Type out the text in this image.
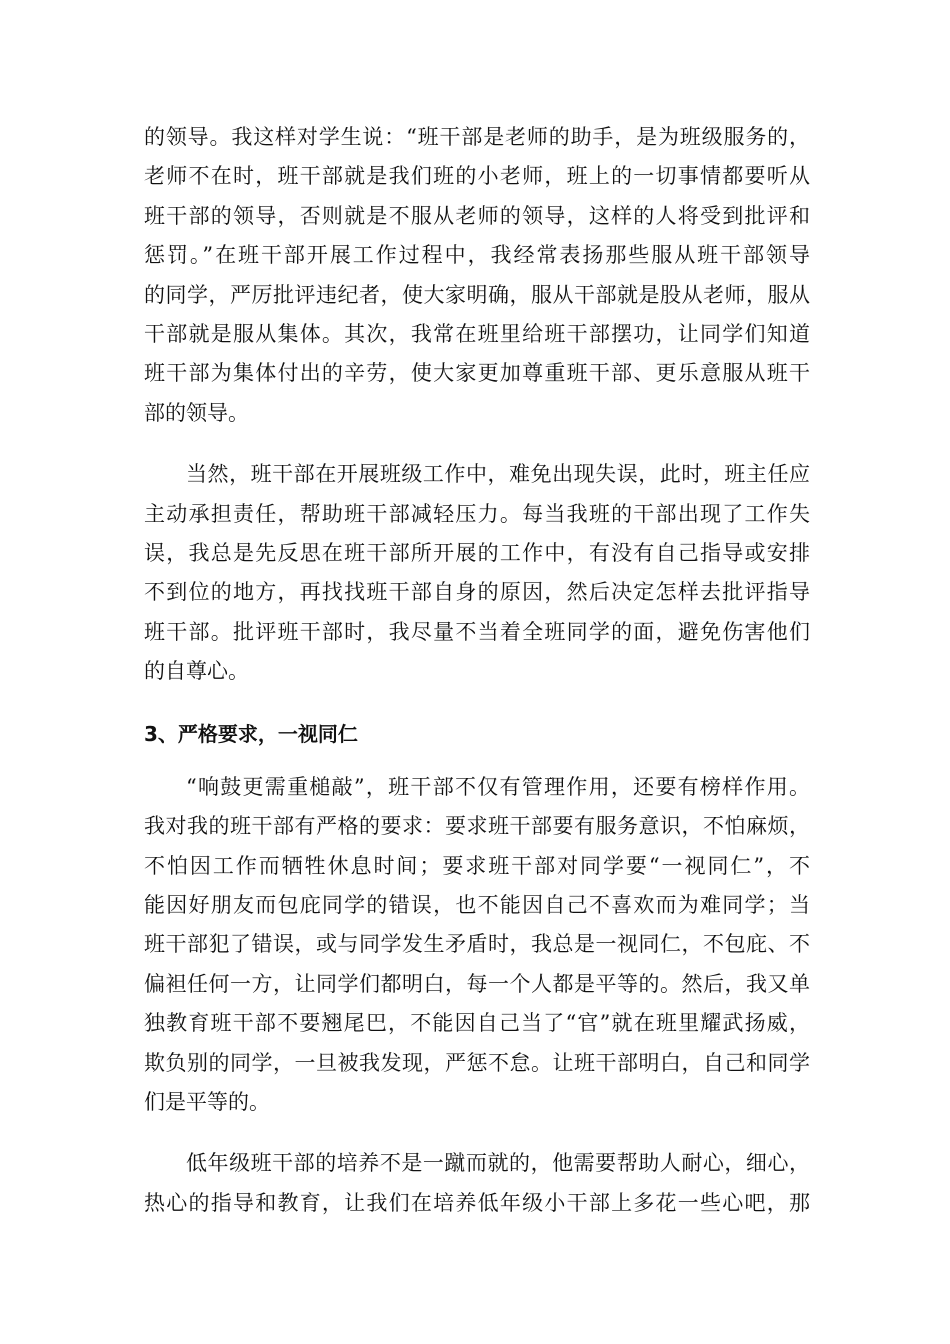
的领导。我这样对学生说：“班干部是老师的助手，是为班级服务的，
老师不在时，班干部就是我们班的小老师，班上的一切事情都要听从
班干部的领导，否则就是不服从老师的领导，这样的人将受到批评和
惩罚。”在班干部开展工作过程中，我经常表扬那些服从班干部领导
的同学，严厉批评违纪者，使大家明确，服从干部就是股从老师，服从
干部就是服从集体。其次，我常在班里给班干部摆功，让同学们知道
班干部为集体付出的辛劳，使大家更加尊重班干部、更乐意服从班干
部的领导。
当然，班干部在开展班级工作中，难免出现失误，此时，班主任应
主动承担责任，帮助班干部减轻压力。每当我班的干部出现了工作失
误，我总是先反思在班干部所开展的工作中，有没有自己指导或安排
不到位的地方，再找找班干部自身的原因，然后决定怎样去批评指导
班干部。批评班干部时，我尽量不当着全班同学的面，避免伤害他们
的自尊心。
3、严格要求，一视同仁
“响鼓更需重槌敲”，班干部不仅有管理作用，还要有榜样作用。
我对我的班干部有严格的要求：要求班干部要有服务意识，不怕麻烦，
不怕因工作而牺牲休息时间；要求班干部对同学要“一视同仁”，不
能因好朋友而包庇同学的错误，也不能因自己不喜欢而为难同学；当
班干部犯了错误，或与同学发生矛盾时，我总是一视同仁，不包庇、不
偏袒任何一方，让同学们都明白，每一个人都是平等的。然后，我又单
独教育班干部不要翘尾巴，不能因自己当了“官”就在班里耀武扬威，
欺负别的同学，一旦被我发现，严惩不怠。让班干部明白，自己和同学
们是平等的。
低年级班干部的培养不是一蹴而就的，他需要帮助人耐心，细心，
热心的指导和教育，让我们在培养低年级小干部上多花一些心吧，那
